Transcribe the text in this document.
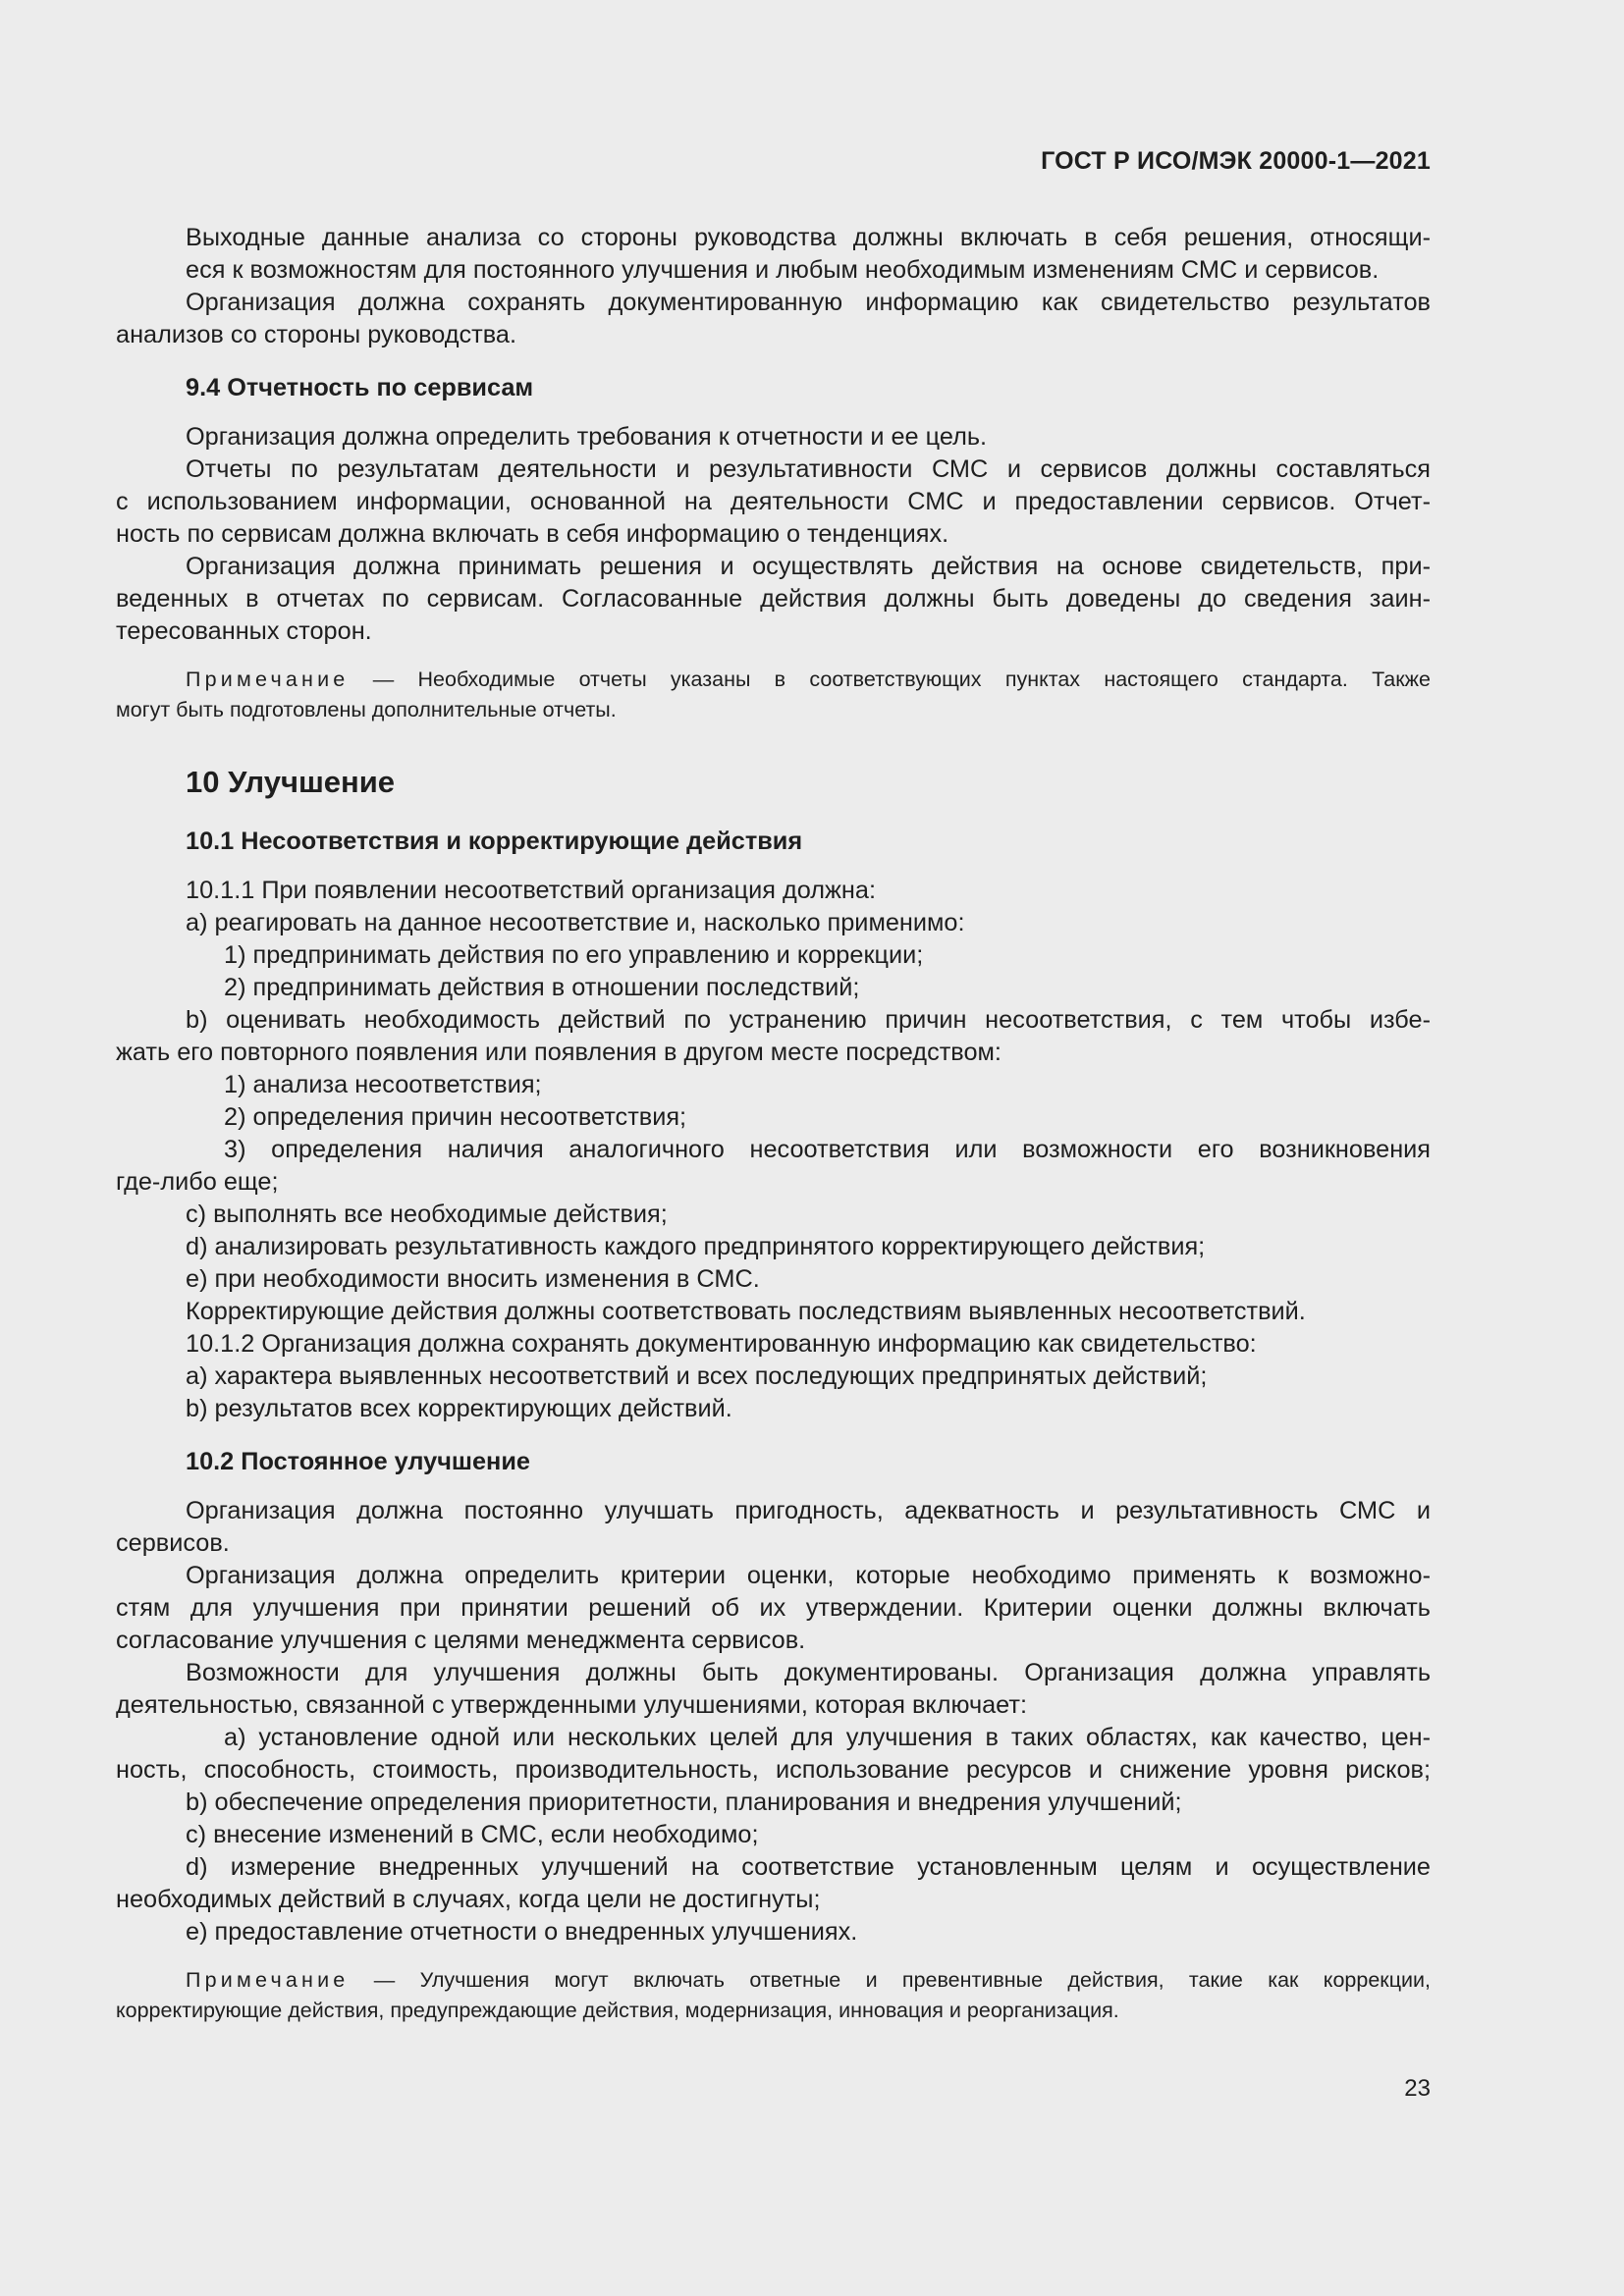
ГОСТ Р ИСО/МЭК 20000-1—2021

Выходные данные анализа со стороны руководства должны включать в себя решения, относящи-
еся к возможностям для постоянного улучшения и любым необходимым изменениям СМС и сервисов.

Организация должна сохранять документированную информацию как свидетельство результатов
анализов со стороны руководства.

9.4 Отчетность по сервисам

Организация должна определить требования к отчетности и ее цель.

Отчеты по результатам деятельности и результативности СМС и сервисов должны составляться
с использованием информации, основанной на деятельности СМС и предоставлении сервисов. Отчет-
ность по сервисам должна включать в себя информацию о тенденциях.

Организация должна принимать решения и осуществлять действия на основе свидетельств, при-
веденных в отчетах по сервисам. Согласованные действия должны быть доведены до сведения заин-
тересованных сторон.

Примечание — Необходимые отчеты указаны в соответствующих пунктах настоящего стандарта. Также
могут быть подготовлены дополнительные отчеты.
10 Улучшение
10.1 Несоответствия и корректирующие действия

10.1.1 При появлении несоответствий организация должна:
a) реагировать на данное несоответствие и, насколько применимо:
1) предпринимать действия по его управлению и коррекции;
2) предпринимать действия в отношении последствий;
b) оценивать необходимость действий по устранению причин несоответствия, с тем чтобы избе-
жать его повторного появления или появления в другом месте посредством:
1) анализа несоответствия;
2) определения причин несоответствия;
3) определения наличия аналогичного несоответствия или возможности его возникновения
где-либо еще;
c) выполнять все необходимые действия;
d) анализировать результативность каждого предпринятого корректирующего действия;
e) при необходимости вносить изменения в СМС.
Корректирующие действия должны соответствовать последствиям выявленных несоответствий.
10.1.2 Организация должна сохранять документированную информацию как свидетельство:
a) характера выявленных несоответствий и всех последующих предпринятых действий;
b) результатов всех корректирующих действий.

10.2 Постоянное улучшение

Организация должна постоянно улучшать пригодность, адекватность и результативность СМС и
сервисов.
Организация должна определить критерии оценки, которые необходимо применять к возможно-
стям для улучшения при принятии решений об их утверждении. Критерии оценки должны включать
согласование улучшения с целями менеджмента сервисов.
Возможности для улучшения должны быть документированы. Организация должна управлять
деятельностью, связанной с утвержденными улучшениями, которая включает:
a) установление одной или нескольких целей для улучшения в таких областях, как качество, цен-
ность, способность, стоимость, производительность, использование ресурсов и снижение уровня рисков;
b) обеспечение определения приоритетности, планирования и внедрения улучшений;
c) внесение изменений в СМС, если необходимо;
d) измерение внедренных улучшений на соответствие установленным целям и осуществление
необходимых действий в случаях, когда цели не достигнуты;
e) предоставление отчетности о внедренных улучшениях.

Примечание — Улучшения могут включать ответные и превентивные действия, такие как коррекции,
корректирующие действия, предупреждающие действия, модернизация, инновация и реорганизация.
23
